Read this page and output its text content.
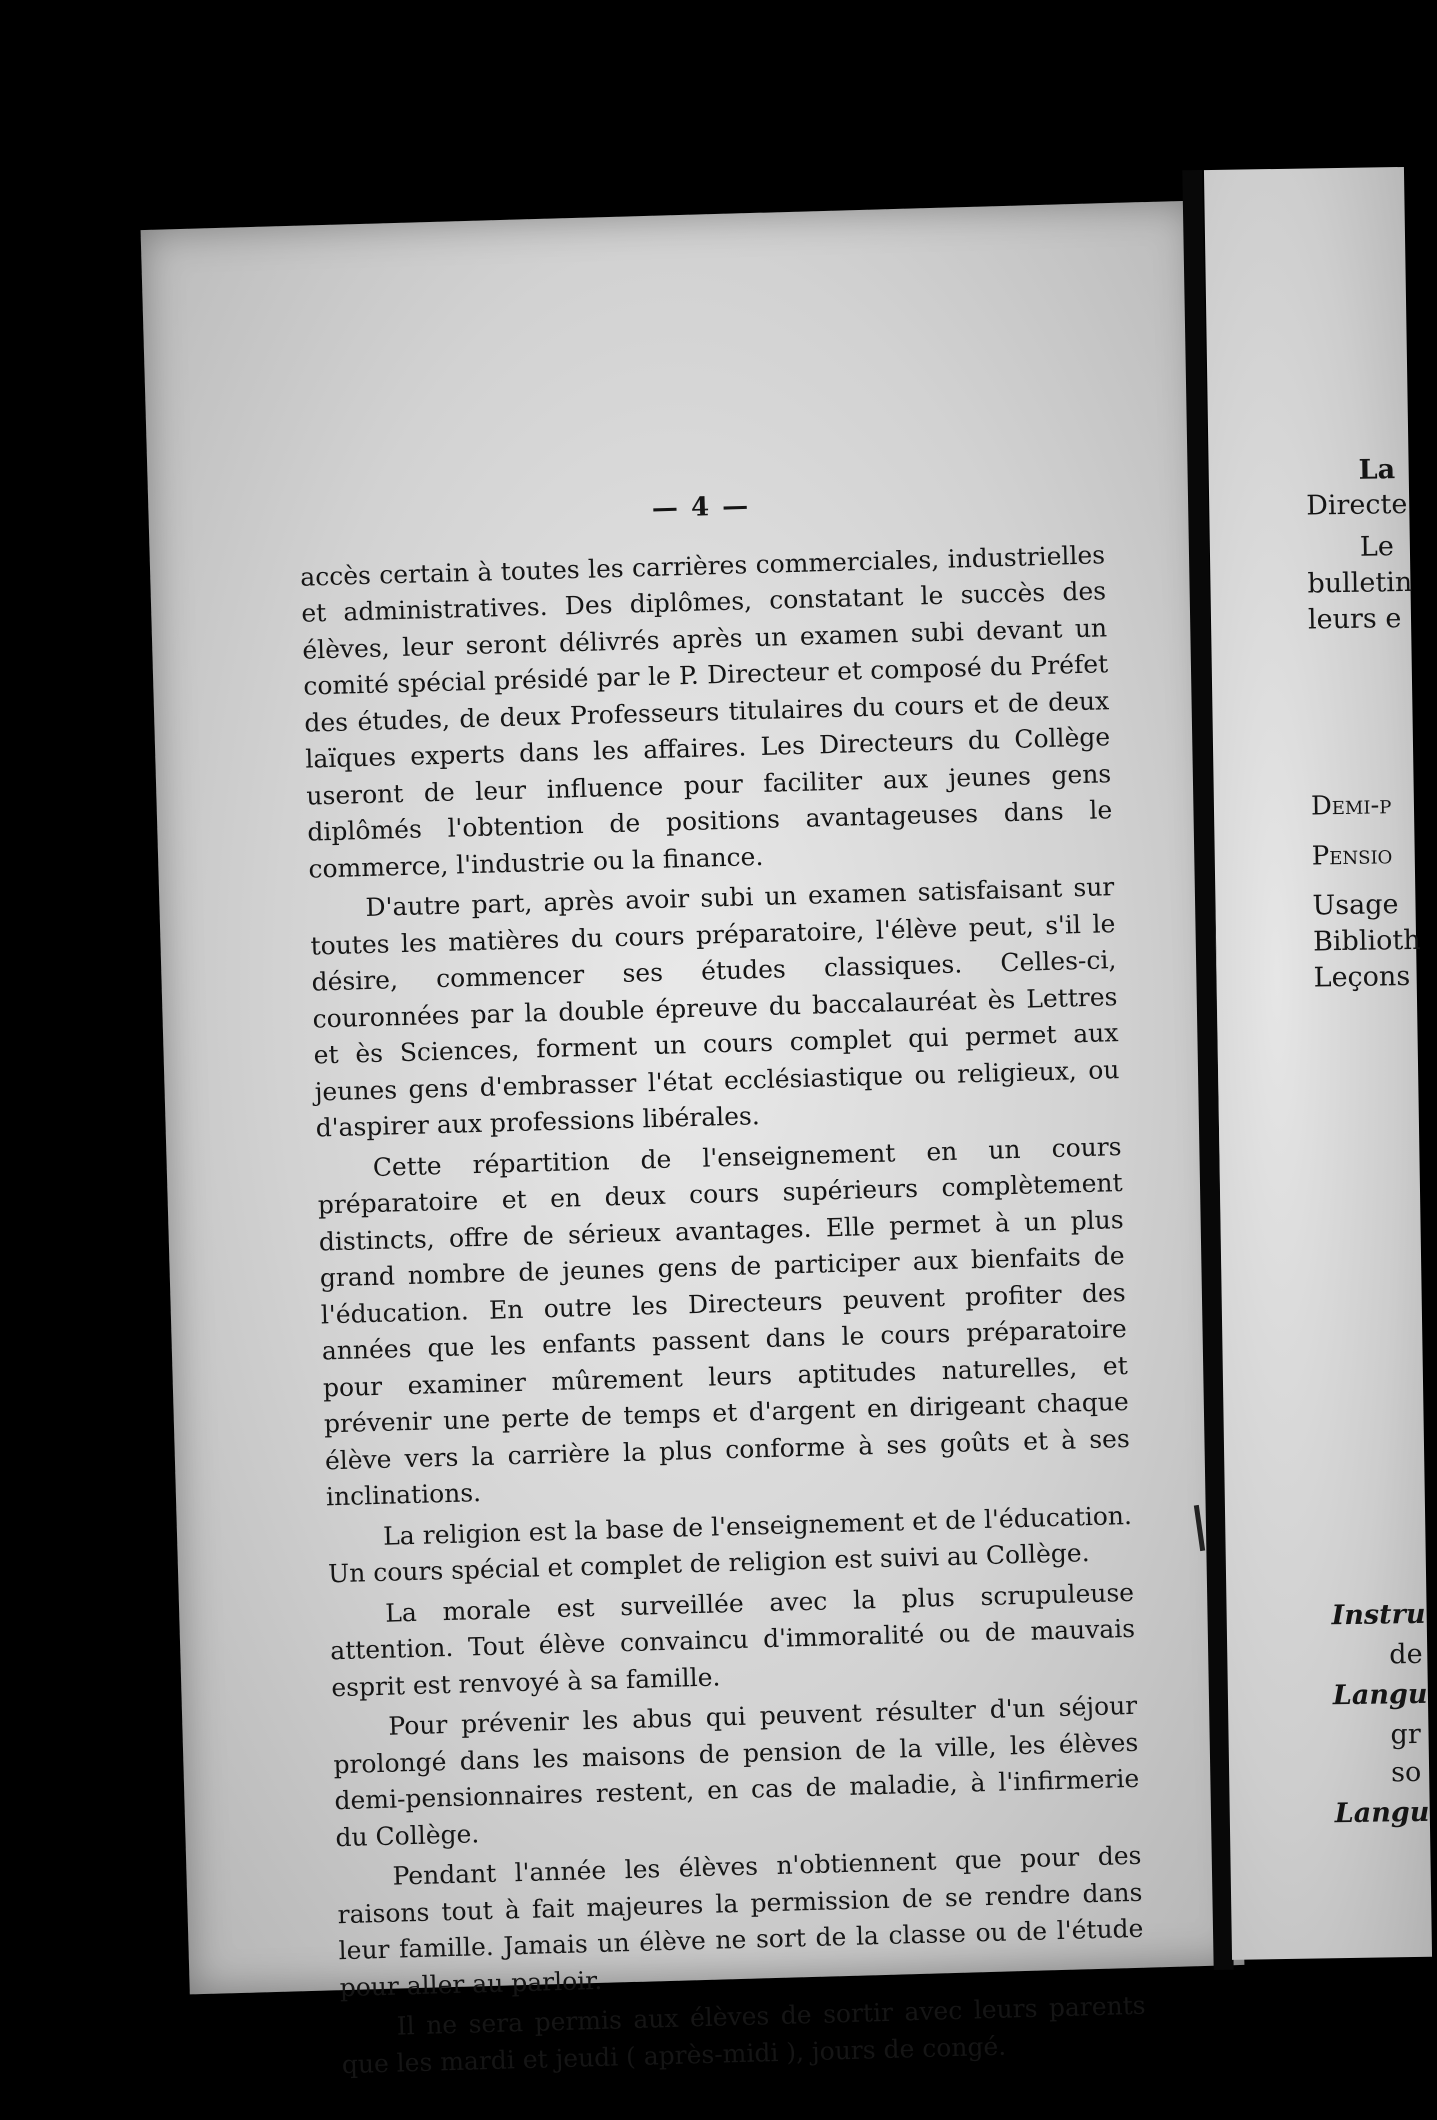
— 4 —

accès certain à toutes les carrières commerciales, industrielles et administratives. Des diplômes, constatant le succès des élèves, leur seront délivrés après un examen subi devant un comité spécial présidé par le P. Directeur et composé du Préfet des études, de deux Professeurs titulaires du cours et de deux laïques experts dans les affaires. Les Directeurs du Collège useront de leur influence pour faciliter aux jeunes gens diplômés l'obtention de positions avantageuses dans le commerce, l'industrie ou la finance.

D'autre part, après avoir subi un examen satisfaisant sur toutes les matières du cours préparatoire, l'élève peut, s'il le désire, commencer ses études classiques. Celles-ci, couronnées par la double épreuve du baccalauréat ès Lettres et ès Sciences, forment un cours complet qui permet aux jeunes gens d'embrasser l'état ecclésiastique ou religieux, ou d'aspirer aux professions libérales.

Cette répartition de l'enseignement en un cours préparatoire et en deux cours supérieurs complètement distincts, offre de sérieux avantages. Elle permet à un plus grand nombre de jeunes gens de participer aux bienfaits de l'éducation. En outre les Directeurs peuvent profiter des années que les enfants passent dans le cours préparatoire pour examiner mûrement leurs aptitudes naturelles, et prévenir une perte de temps et d'argent en dirigeant chaque élève vers la carrière la plus conforme à ses goûts et à ses inclinations.

La religion est la base de l'enseignement et de l'éducation. Un cours spécial et complet de religion est suivi au Collège.

La morale est surveillée avec la plus scrupuleuse attention. Tout élève convaincu d'immoralité ou de mauvais esprit est renvoyé à sa famille.

Pour prévenir les abus qui peuvent résulter d'un séjour prolongé dans les maisons de pension de la ville, les élèves demi-pensionnaires restent, en cas de maladie, à l'infirmerie du Collège.

Pendant l'année les élèves n'obtiennent que pour des raisons tout à fait majeures la permission de se rendre dans leur famille. Jamais un élève ne sort de la classe ou de l'étude pour aller au parloir.

Il ne sera permis aux élèves de sortir avec leurs parents que les mardi et jeudi ( après-midi ), jours de congé.

La
Directe
Le
bulletin
leurs e
Demi-p
Pensio
Usage
Biblioth
Leçons
Instru
de
Langu
gr
so
Langu
